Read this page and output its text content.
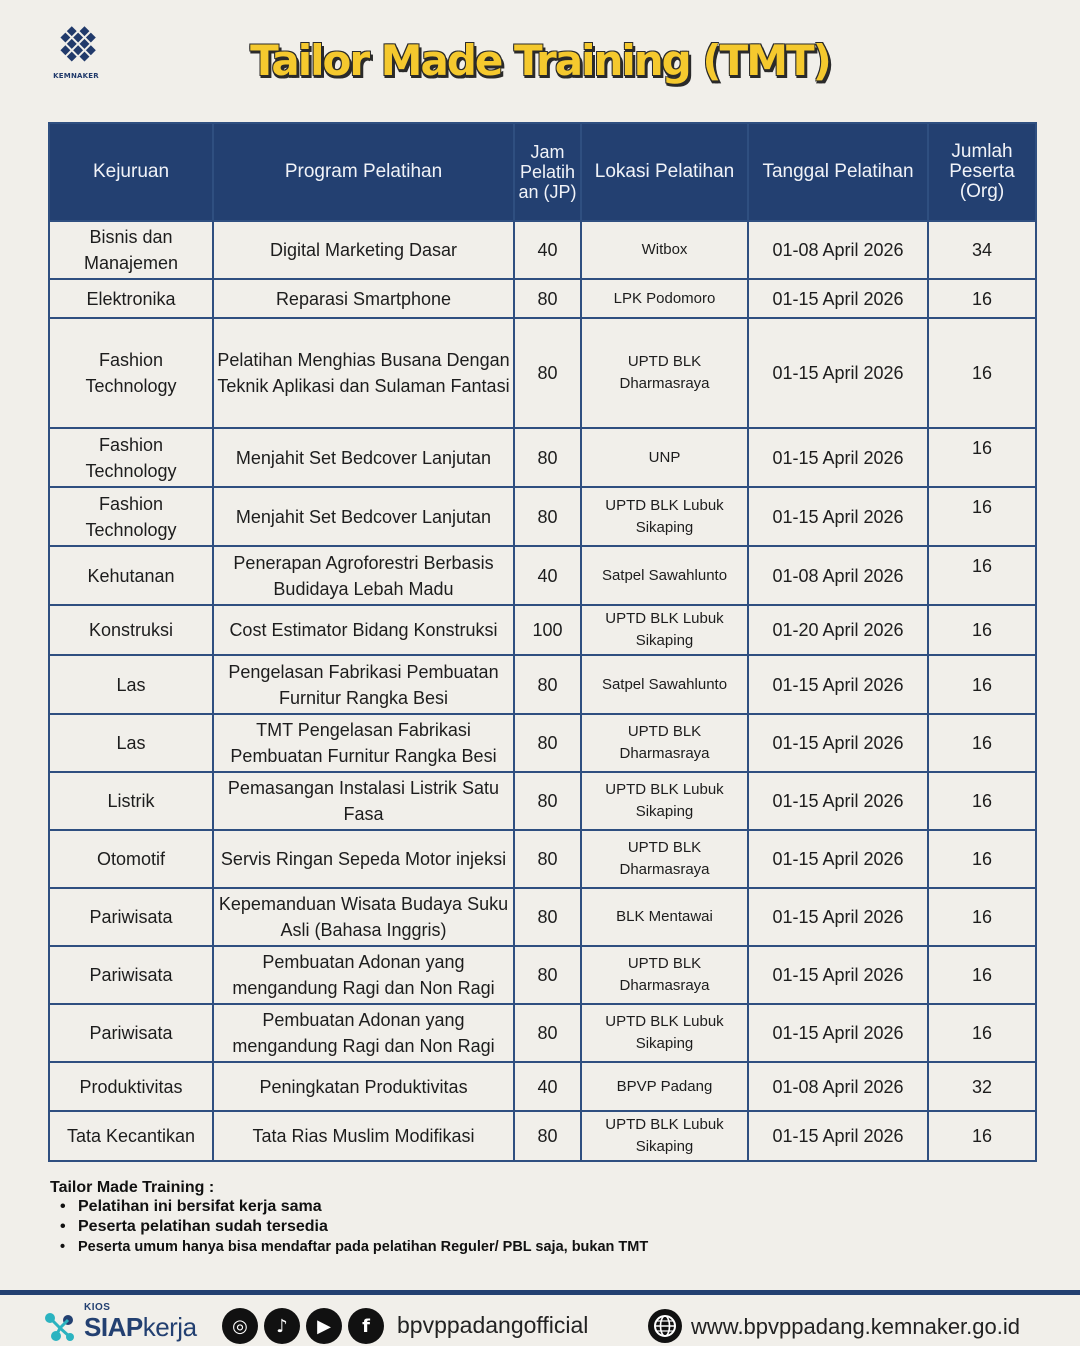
KEMNAKER	Tailor Made Training (TMT)
Kejuruan	Program Pelatihan	Jam Pelatih an (JP)	Lokasi Pelatihan	Tanggal Pelatihan	Jumlah Peserta (Org)
Bisnis dan Manajemen	Digital Marketing Dasar	40	Witbox	01-08 April 2026	34
Elektronika	Reparasi Smartphone	80	LPK Podomoro	01-15 April 2026	16
Fashion Technology	Pelatihan Menghias Busana Dengan Teknik Aplikasi dan Sulaman Fantasi	80	UPTD BLK Dharmasraya	01-15 April 2026	16
Fashion Technology	Menjahit Set Bedcover Lanjutan	80	UNP	01-15 April 2026	16
Fashion Technology	Menjahit Set Bedcover Lanjutan	80	UPTD BLK Lubuk Sikaping	01-15 April 2026	16
Kehutanan	Penerapan Agroforestri Berbasis Budidaya Lebah Madu	40	Satpel Sawahlunto	01-08 April 2026	16
Konstruksi	Cost Estimator Bidang Konstruksi	100	UPTD BLK Lubuk Sikaping	01-20 April 2026	16
Las	Pengelasan Fabrikasi Pembuatan Furnitur Rangka Besi	80	Satpel Sawahlunto	01-15 April 2026	16
Las	TMT Pengelasan Fabrikasi Pembuatan Furnitur Rangka Besi	80	UPTD BLK Dharmasraya	01-15 April 2026	16
Listrik	Pemasangan Instalasi Listrik Satu Fasa	80	UPTD BLK Lubuk Sikaping	01-15 April 2026	16
Otomotif	Servis Ringan Sepeda Motor injeksi	80	UPTD BLK Dharmasraya	01-15 April 2026	16
Pariwisata	Kepemanduan Wisata Budaya Suku Asli (Bahasa Inggris)	80	BLK Mentawai	01-15 April 2026	16
Pariwisata	Pembuatan Adonan yang mengandung Ragi dan Non Ragi	80	UPTD BLK Dharmasraya	01-15 April 2026	16
Pariwisata	Pembuatan Adonan yang mengandung Ragi dan Non Ragi	80	UPTD BLK Lubuk Sikaping	01-15 April 2026	16
Produktivitas	Peningkatan Produktivitas	40	BPVP Padang	01-08 April 2026	32
Tata Kecantikan	Tata Rias Muslim Modifikasi	80	UPTD BLK Lubuk Sikaping	01-15 April 2026	16
Tailor Made Training :
• Pelatihan ini bersifat kerja sama
• Peserta pelatihan sudah tersedia
• Peserta umum hanya bisa mendaftar pada pelatihan Reguler/ PBL saja, bukan TMT
KIOS
SIAPkerja	◎	♪	▶	f	bpvppadangofficial	www.bpvppadang.kemnaker.go.id
